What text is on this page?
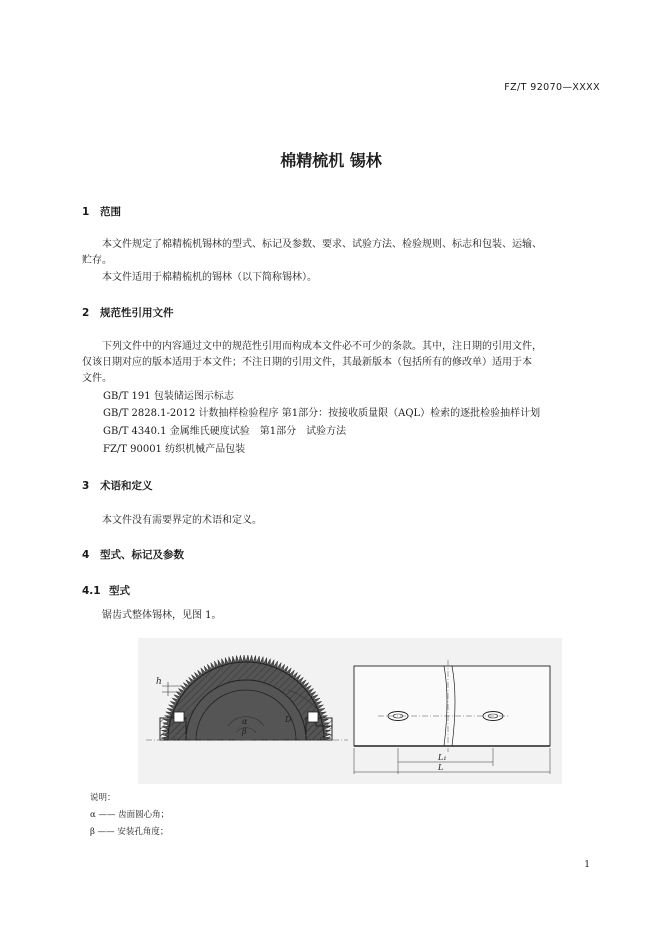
FZ/T 92070—XXXX
棉精梳机 锡林
1 范围
本文件规定了棉精梳机锡林的型式、标记及参数、要求、试验方法、检验规则、标志和包装、运输、
贮存。
本文件适用于棉精梳机的锡林（以下简称锡林）。
2 规范性引用文件
下列文件中的内容通过文中的规范性引用而构成本文件必不可少的条款。其中，注日期的引用文件，
仅该日期对应的版本适用于本文件；不注日期的引用文件，其最新版本（包括所有的修改单）适用于本
文件。
GB/T 191 包装储运图示标志
GB/T 2828.1-2012 计数抽样检验程序 第1部分：按接收质量限（AQL）检索的逐批检验抽样计划
GB/T 4340.1 金属维氏硬度试验　第1部分　试验方法
FZ/T 90001 纺织机械产品包装
3 术语和定义
本文件没有需要界定的术语和定义。
4 型式、标记及参数
4.1 型式
锯齿式整体锡林，见图 1。
h
α
β
D
L₁
L
说明：
α —— 齿面圆心角；
β —— 安装孔角度；
1
